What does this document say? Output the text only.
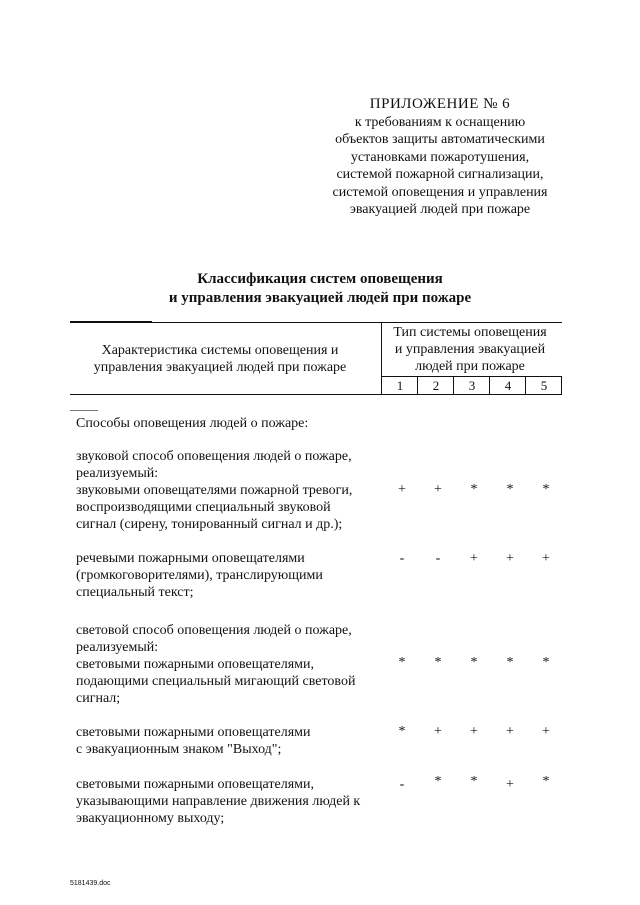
ПРИЛОЖЕНИЕ № 6
к требованиям к оснащению
объектов защиты автоматическими
установками пожаротушения,
системой пожарной сигнализации,
системой оповещения и управления
эвакуацией людей при пожаре
Классификация систем оповещения
и управления эвакуацией людей при пожаре
Характеристика системы оповещения и
управления эвакуацией людей при пожаре
Тип системы оповещения
и управления эвакуацией
людей при пожаре
1	2	3	4	5
Способы оповещения людей о пожаре:
звуковой способ оповещения людей о пожаре,
реализуемый:
звуковыми оповещателями пожарной тревоги,
воспроизводящими специальный звуковой
сигнал (сирену, тонированный сигнал и др.);
+	+	*	*	*
речевыми пожарными оповещателями
(громкоговорителями), транслирующими
специальный текст;
-	-	+	+	+
световой способ оповещения людей о пожаре,
реализуемый:
световыми пожарными оповещателями,
подающими специальный мигающий световой
сигнал;
*	*	*	*	*
световыми пожарными оповещателями
с эвакуационным знаком "Выход";
*	+	+	+	+
световыми пожарными оповещателями,
указывающими направление движения людей к
эвакуационному выходу;
-	*	*	+	*
5181439.doc
